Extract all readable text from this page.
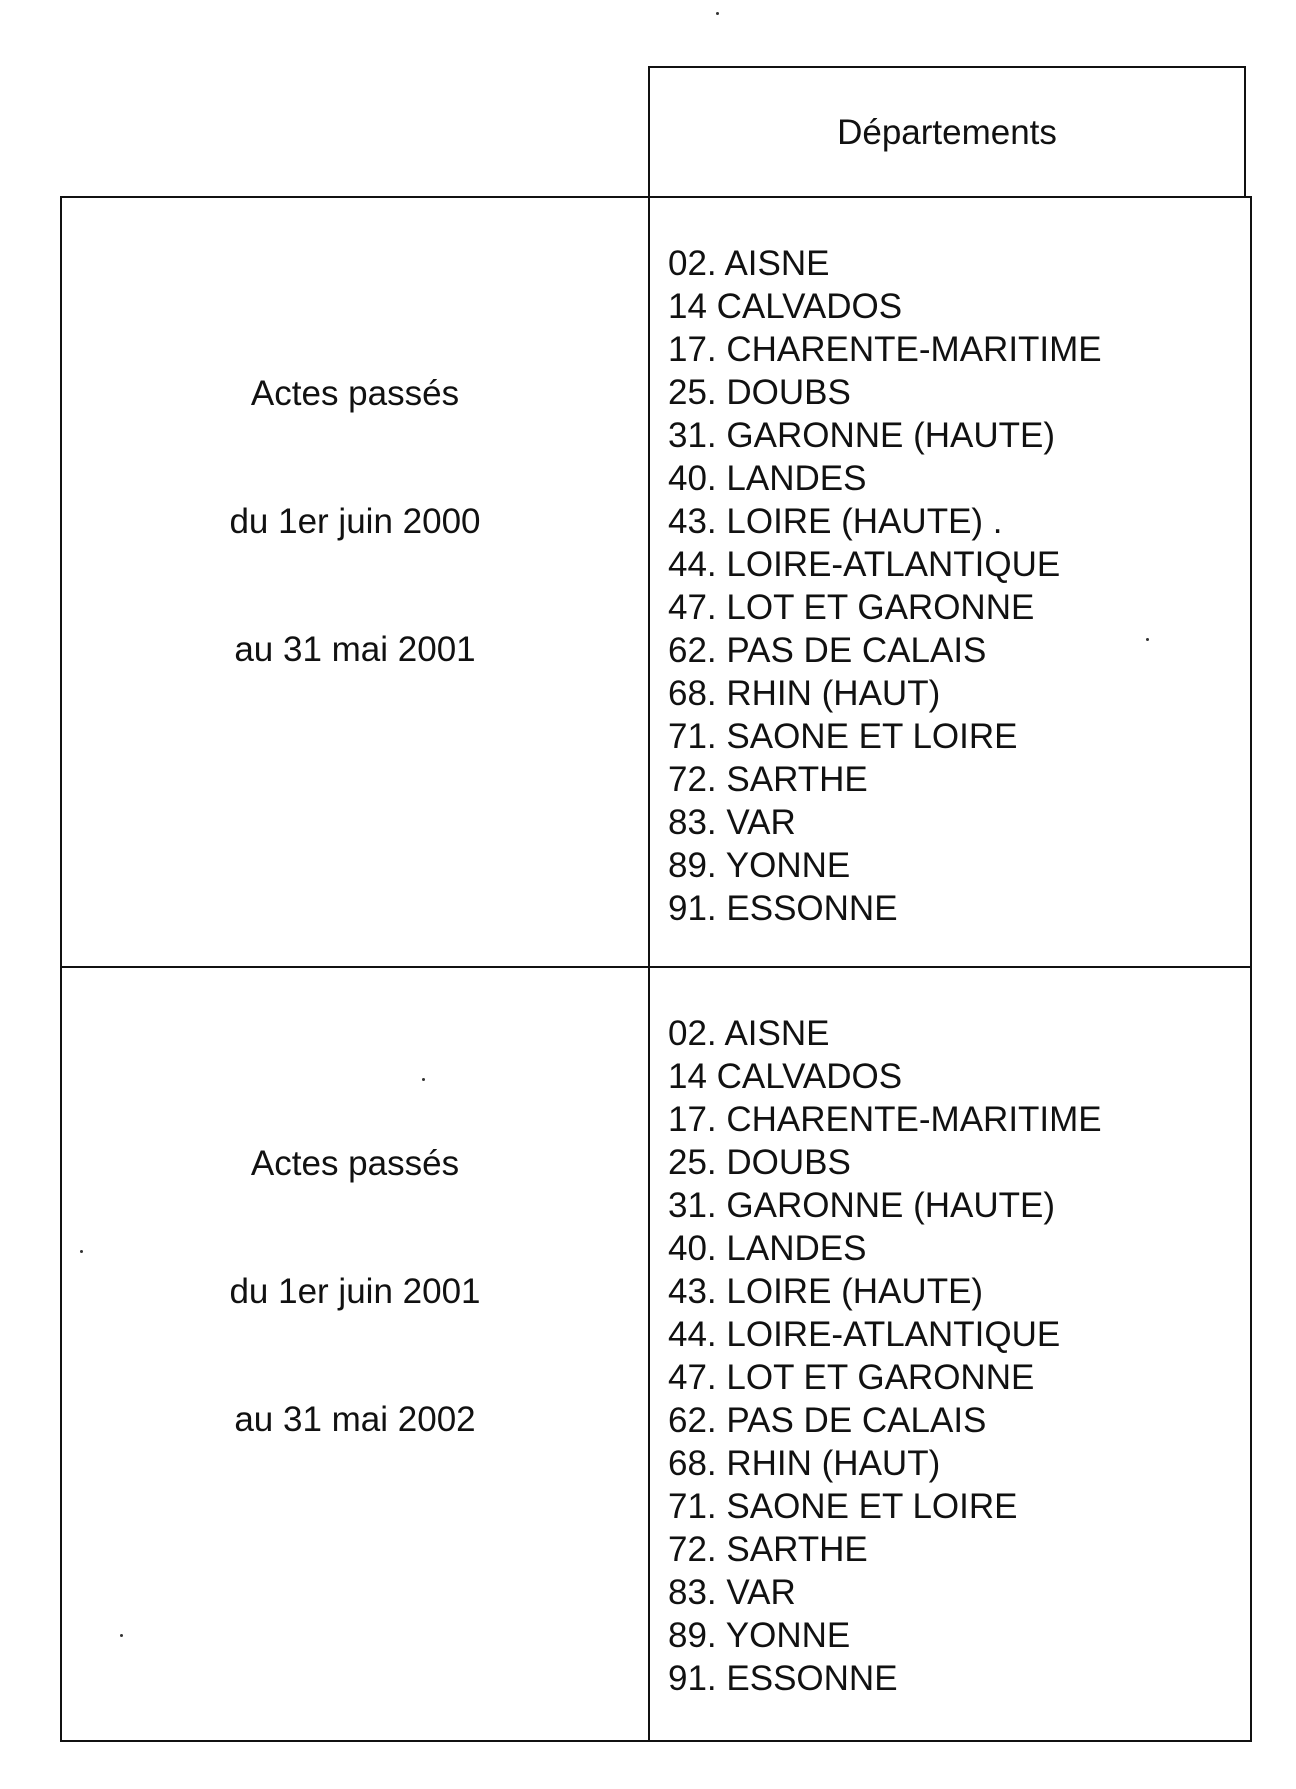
Départements
Actes passés
du 1er juin 2000
au 31 mai 2001
02. AISNE
14 CALVADOS
17. CHARENTE-MARITIME
25. DOUBS
31. GARONNE (HAUTE)
40. LANDES
43. LOIRE (HAUTE) .
44. LOIRE-ATLANTIQUE
47. LOT ET GARONNE
62. PAS DE CALAIS
68. RHIN (HAUT)
71. SAONE ET LOIRE
72. SARTHE
83. VAR
89. YONNE
91. ESSONNE
Actes passés
du 1er juin 2001
au 31 mai 2002
02. AISNE
14 CALVADOS
17. CHARENTE-MARITIME
25. DOUBS
31. GARONNE (HAUTE)
40. LANDES
43. LOIRE (HAUTE)
44. LOIRE-ATLANTIQUE
47. LOT ET GARONNE
62. PAS DE CALAIS
68. RHIN (HAUT)
71. SAONE ET LOIRE
72. SARTHE
83. VAR
89. YONNE
91. ESSONNE
